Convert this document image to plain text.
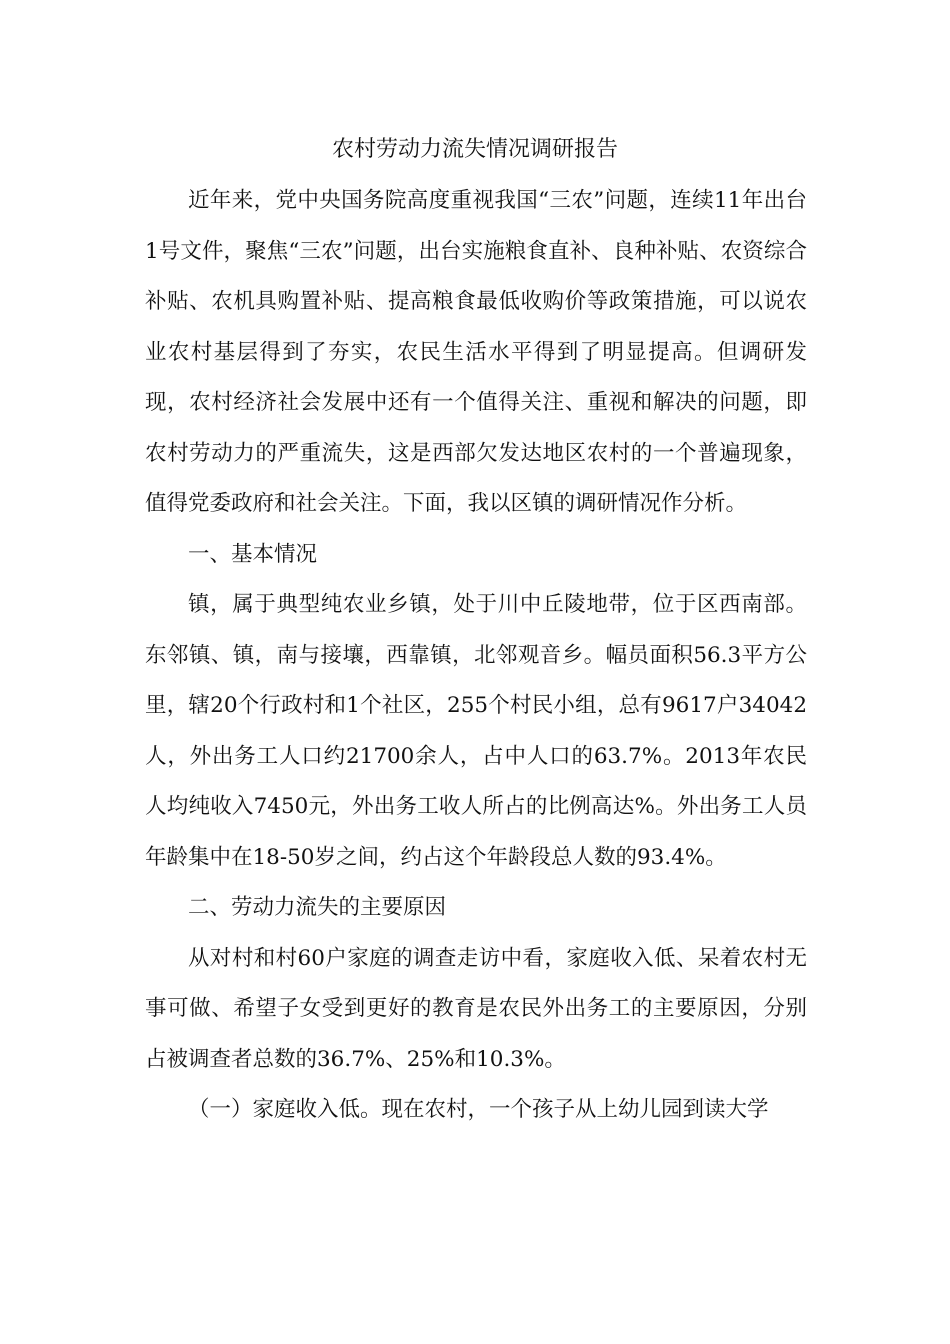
农村劳动力流失情况调研报告

近年来，党中央国务院高度重视我国“三农”问题，连续11年出台1号文件，聚焦“三农”问题，出台实施粮食直补、良种补贴、农资综合补贴、农机具购置补贴、提高粮食最低收购价等政策措施，可以说农业农村基层得到了夯实，农民生活水平得到了明显提高。但调研发现，农村经济社会发展中还有一个值得关注、重视和解决的问题，即农村劳动力的严重流失，这是西部欠发达地区农村的一个普遍现象，值得党委政府和社会关注。下面，我以区镇的调研情况作分析。

一、基本情况

镇，属于典型纯农业乡镇，处于川中丘陵地带，位于区西南部。东邻镇、镇，南与接壤，西靠镇，北邻观音乡。幅员面积56.3平方公里，辖20个行政村和1个社区，255个村民小组，总有9617户34042人，外出务工人口约21700余人，占中人口的63.7%。2013年农民人均纯收入7450元，外出务工收人所占的比例高达%。外出务工人员年龄集中在18-50岁之间，约占这个年龄段总人数的93.4%。

二、劳动力流失的主要原因

从对村和村60户家庭的调查走访中看，家庭收入低、呆着农村无事可做、希望子女受到更好的教育是农民外出务工的主要原因，分别占被调查者总数的36.7%、25%和10.3%。

（一）家庭收入低。现在农村，一个孩子从上幼儿园到读大学
